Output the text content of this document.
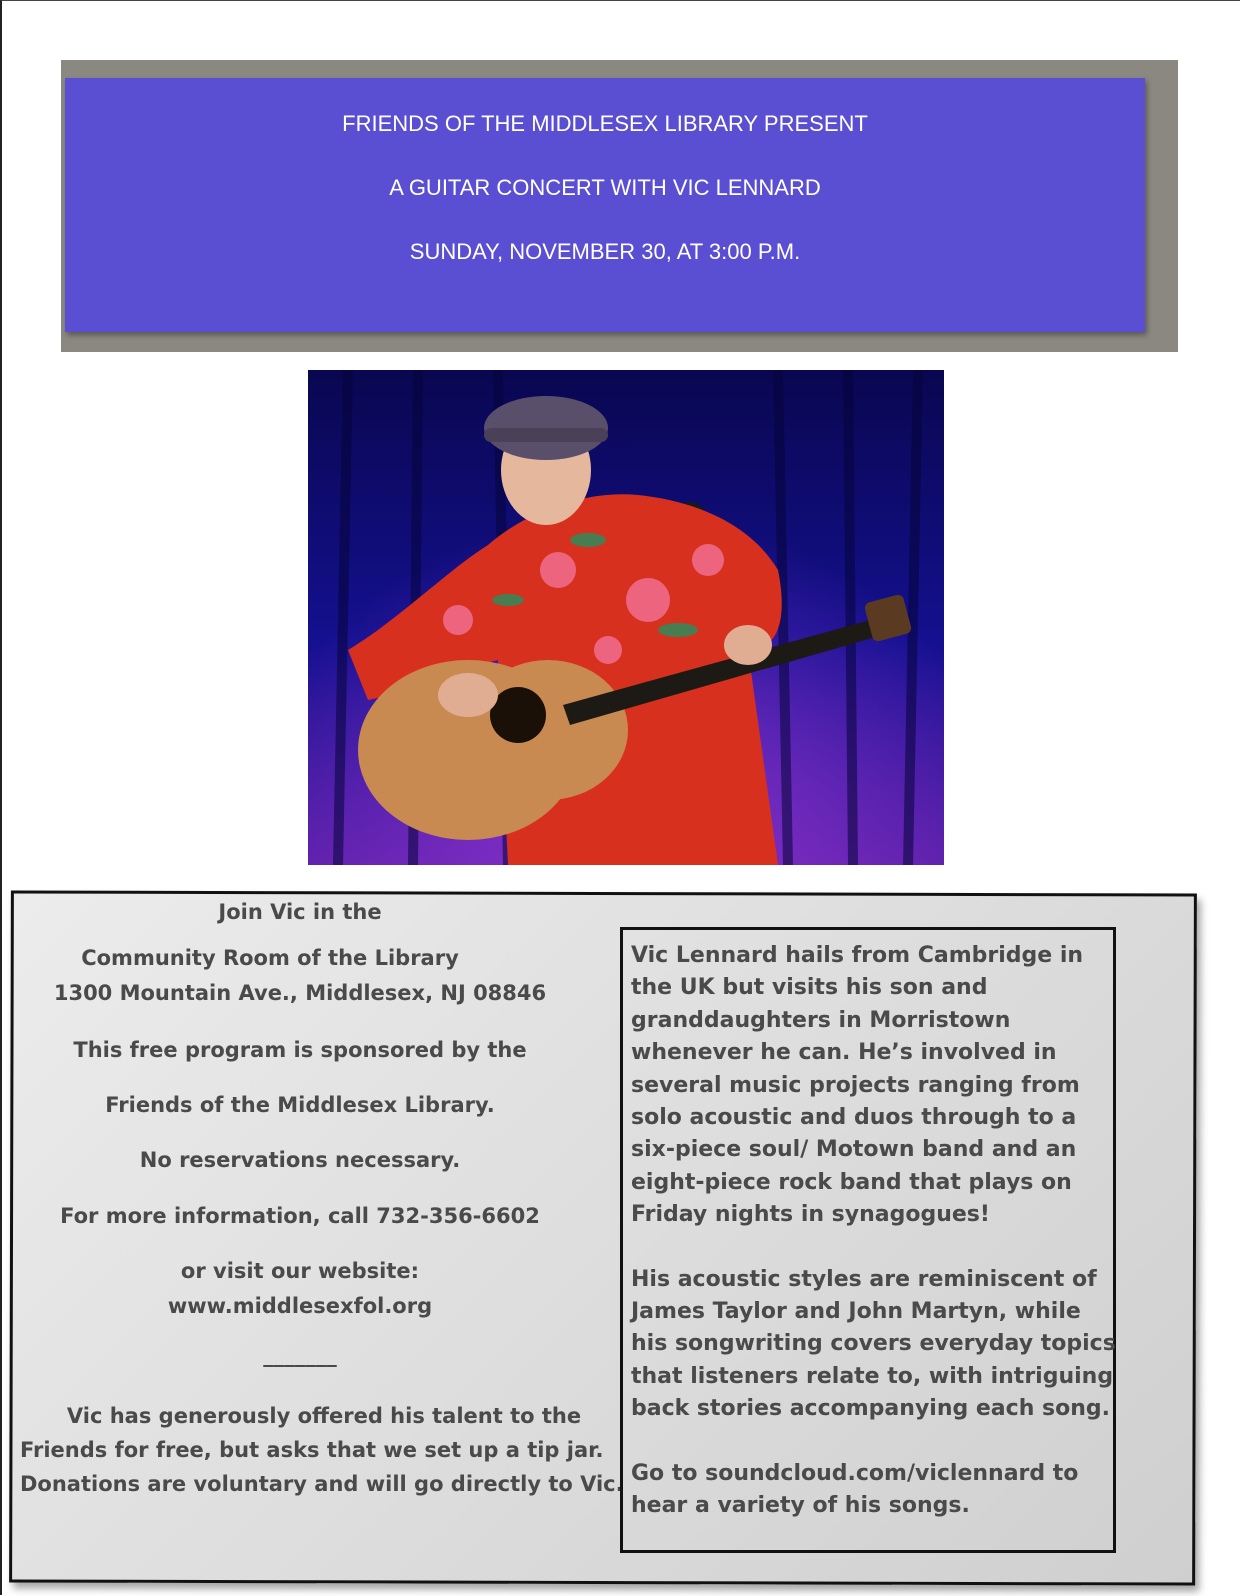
FRIENDS OF THE MIDDLESEX LIBRARY PRESENT
A GUITAR CONCERT WITH VIC LENNARD
SUNDAY, NOVEMBER 30, AT 3:00 P.M.
Join Vic in the
Community Room of the Library
1300 Mountain Ave., Middlesex, NJ 08846
This free program is sponsored by the
Friends of the Middlesex Library.
No reservations necessary.
For more information, call 732-356-6602
or visit our website:
www.middlesexfol.org
_______
Vic has generously offered his talent to the
Friends for free, but asks that we set up a tip jar.
Donations are voluntary and will go directly to Vic.

Vic Lennard hails from Cambridge in the UK but visits his son and granddaughters in Morristown whenever he can. He’s involved in several music projects ranging from solo acoustic and duos through to a six-piece soul/ Motown band and an eight-piece rock band that plays on Friday nights in synagogues!

His acoustic styles are reminiscent of James Taylor and John Martyn, while his songwriting covers everyday topics that listeners relate to, with intriguing back stories accompanying each song.

Go to soundcloud.com/viclennard to hear a variety of his songs.
